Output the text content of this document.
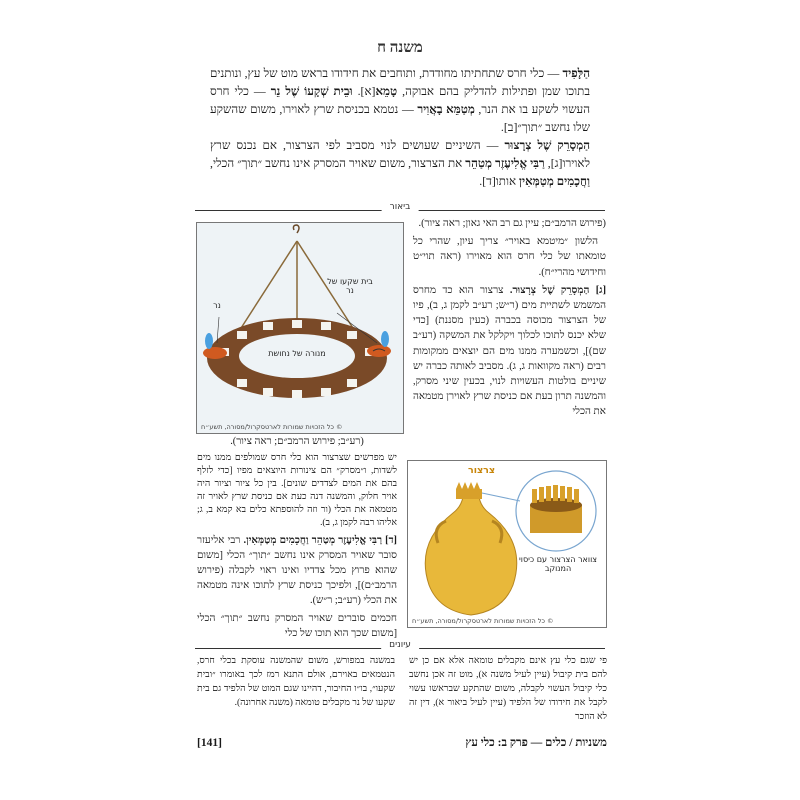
משנה ח
הַלָּפִיד — כלי חרס שתחתיתו מחודדת, ותוחבים את חידודו בראש מוט של עץ, ונותנים בתוכו שמן ופתילות להדליק בהם אבוקה, טָמֵא[א]. וּבֵית שְׁקָעוֹ שֶׁל נֵר — כלי חרס העשוי לשקע בו את הנר, מְטַמֵּא בָאֲוִיר — נטמא בכניסת שרץ לאוירו, משום שהשקע שלו נחשב ״תוך״[ב].
הַמְסָרֵק שֶׁל צְרָצוּר — השיניים שעושים לנוי מסביב לפי הצרצור, אם נכנס שרץ לאוירו[ג], רַבִּי אֱלִיעֶזֶר מְטַהֵר את הצרצור, משום שאויר המסרק אינו נחשב ״תוך״ הכלי, וַחֲכָמִים מְטַמְּאִין אותו[ד].
ביאור

(פירוש הרמב״ם; עיין גם רב האי גאון; ראה ציור).

הלשון ״מיטמא באויר״ צריך עיון, שהרי כל טומאתו של כלי חרס הוא מאוירו (ראה תוי״ט וחידושי מהרי״ח).

[ג] הַמְסָרֵק שֶׁל צְרָצוּר. צרצור הוא כד מחרס המשמש לשתיית מים (ר״ש; רע״ב לקמן ג, ב), פיו של הצרצור מכוסה בכברה (כעין מסננת) [כדי שלא יכנס לתוכו לכלוך ויקלקל את המשקה (רע״ב שם)], וכשמערה ממנו מים הם יוצאים ממקומות רבים (ראה מקוואות ג, ג). מסביב לאותה כברה יש שיניים בולטות העשויות לנוי, בכעין שיני מסרק, והמשנה תרון בעת אם כניסת שרץ לאוירן מטמאה את הכלי

בית שקעו של נר
נר
מנורה של נחושת
© כל הזכויות שמורות לארטסקרול/מסורה, תשע״ח
צרצור
צוואר הצרצור עם כיסוי המנוקב
© כל הזכויות שמורות לארטסקרול/מסורה, תשע״ח

(רע״ב; פירוש הרמב״ם; ראה ציור).

יש מפרשים שצרצור הוא כלי חרס שמולפים ממנו מים לשדות, ו״מסרק״ הם צינורות היוצאים מפיו [כדי לזלף בהם את המים לצדדים שונים]. בין כל ציור וציור היה אויר חלוק, והמשנה דנה כעת אם כניסת שרץ לאויר זה מטמאה את הכלי (ור וזה להוספתא כלים בא קמא ב, ג; אליהו רבה לקמן ג, ב).

[ד] רַבִּי אֱלִיעֶזֶר מְטַהֵר וַחֲכָמִים מְטַמְּאִין. רבי אליעזר סובר שאויר המסרק אינו נחשב ״תוך״ הכלי [משום שהוא פרוץ מכל צדדיו ואינו ראוי לקבלה (פירוש הרמב״ם)], ולפיכך כניסת שרץ לתוכו אינה מטמאה את הכלי (רע״ב; ר״ש).

חכמים סוברים שאויר המסרק נחשב ״תוך״ הכלי [משום שכך הוא תוכו של כלי

עיונים
פי שגם כלי עץ אינם מקבלים טומאה אלא אם כן יש להם בית קיבול (עיין לעיל משנה א), מוט זה אכן נחשב כלי קיבול העשוי לקבלה, משום שהתקע שבראשו עשוי לקבל את חידודו של הלפיד (עיין לעיל ביאור א), דין זה לא הוזכר
במשנה במפורש, משום שהמשנה עוסקת בכלי חרס, הנטמאים באוירם, אולם התנא רמז לכך באומרו ״ובית שקעו״, בו״ו החיבור, דהיינו שגם המוט של הלפיד גם בית שקעו של נר מקבלים טומאה (משנה אחרונה).
משניות / כלים — פרק ב: כלי עץ
[141]
